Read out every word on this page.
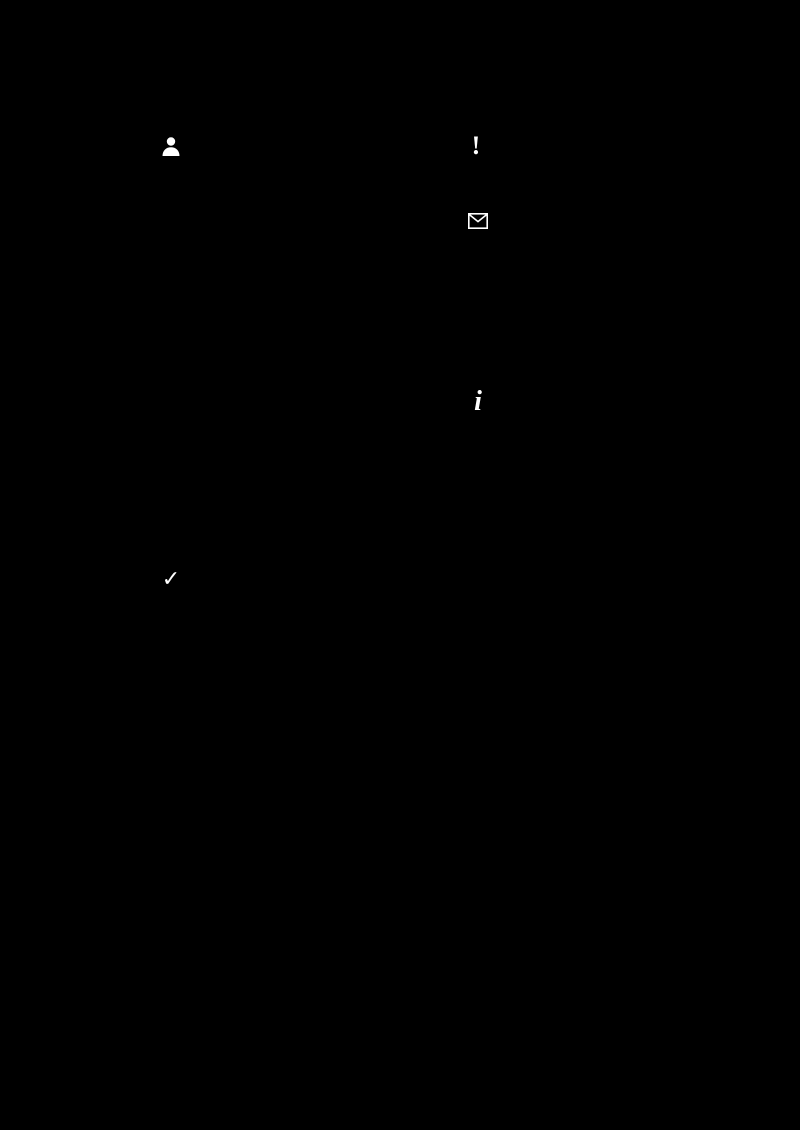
!
i
✓
